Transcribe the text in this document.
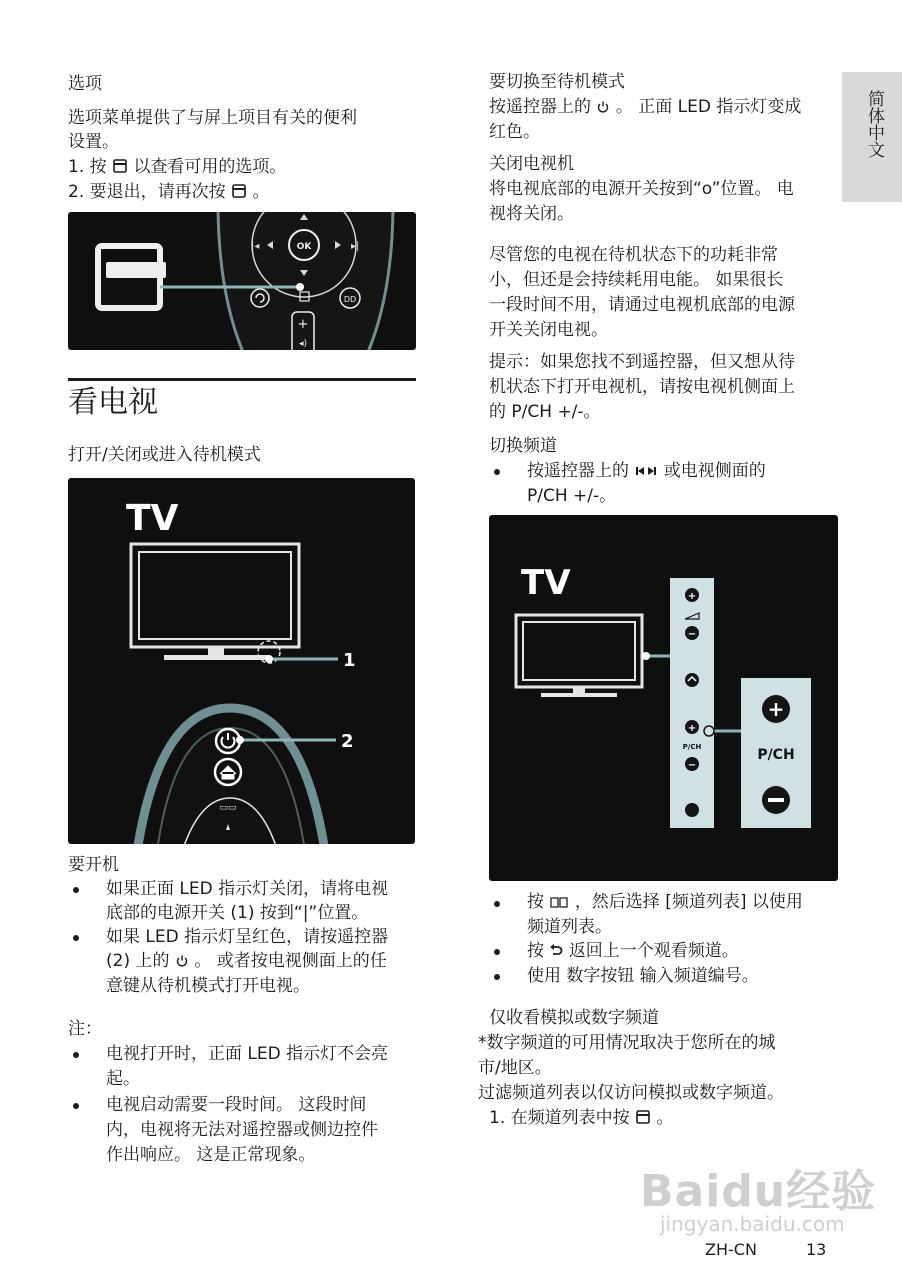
简体中文
选项
选项菜单提供了与屏上项目有关的便利
设置。
1. 按 以查看可用的选项。
2. 要退出，请再次按 。
OK
|◂	▸|
DD
+
◂)
看电视
打开/关闭或进入待机模式
TV
1
2
▭▭
要开机
如果正面 LED 指示灯关闭，请将电视
底部的电源开关 (1) 按到“|”位置。
如果 LED 指示灯呈红色，请按遥控器
(2) 上的 。 或者按电视侧面上的任
意键从待机模式打开电视。
注：
电视打开时，正面 LED 指示灯不会亮
起。
电视启动需要一段时间。 这段时间
内，电视将无法对遥控器或侧边控件
作出响应。 这是正常现象。
要切换至待机模式
按遥控器上的 。 正面 LED 指示灯变成
红色。
关闭电视机
将电视底部的电源开关按到“o”位置。 电
视将关闭。
尽管您的电视在待机状态下的功耗非常
小，但还是会持续耗用电能。 如果很长
一段时间不用，请通过电视机底部的电源
开关关闭电视。
提示：如果您找不到遥控器，但又想从待
机状态下打开电视机，请按电视机侧面上
的 P/CH +/-。
切换频道
按遥控器上的 或电视侧面的
P/CH +/-。
TV	+
−
+
P/CH
−
+
P/CH
按 ，然后选择 [频道列表] 以使用
频道列表。
按 返回上一个观看频道。
使用 数字按钮 输入频道编号。
仅收看模拟或数字频道
*数字频道的可用情况取决于您所在的城
市/地区。
过滤频道列表以仅访问模拟或数字频道。
1. 在频道列表中按 。
Baidu经验
jingyan.baidu.com
ZH-CN	13
